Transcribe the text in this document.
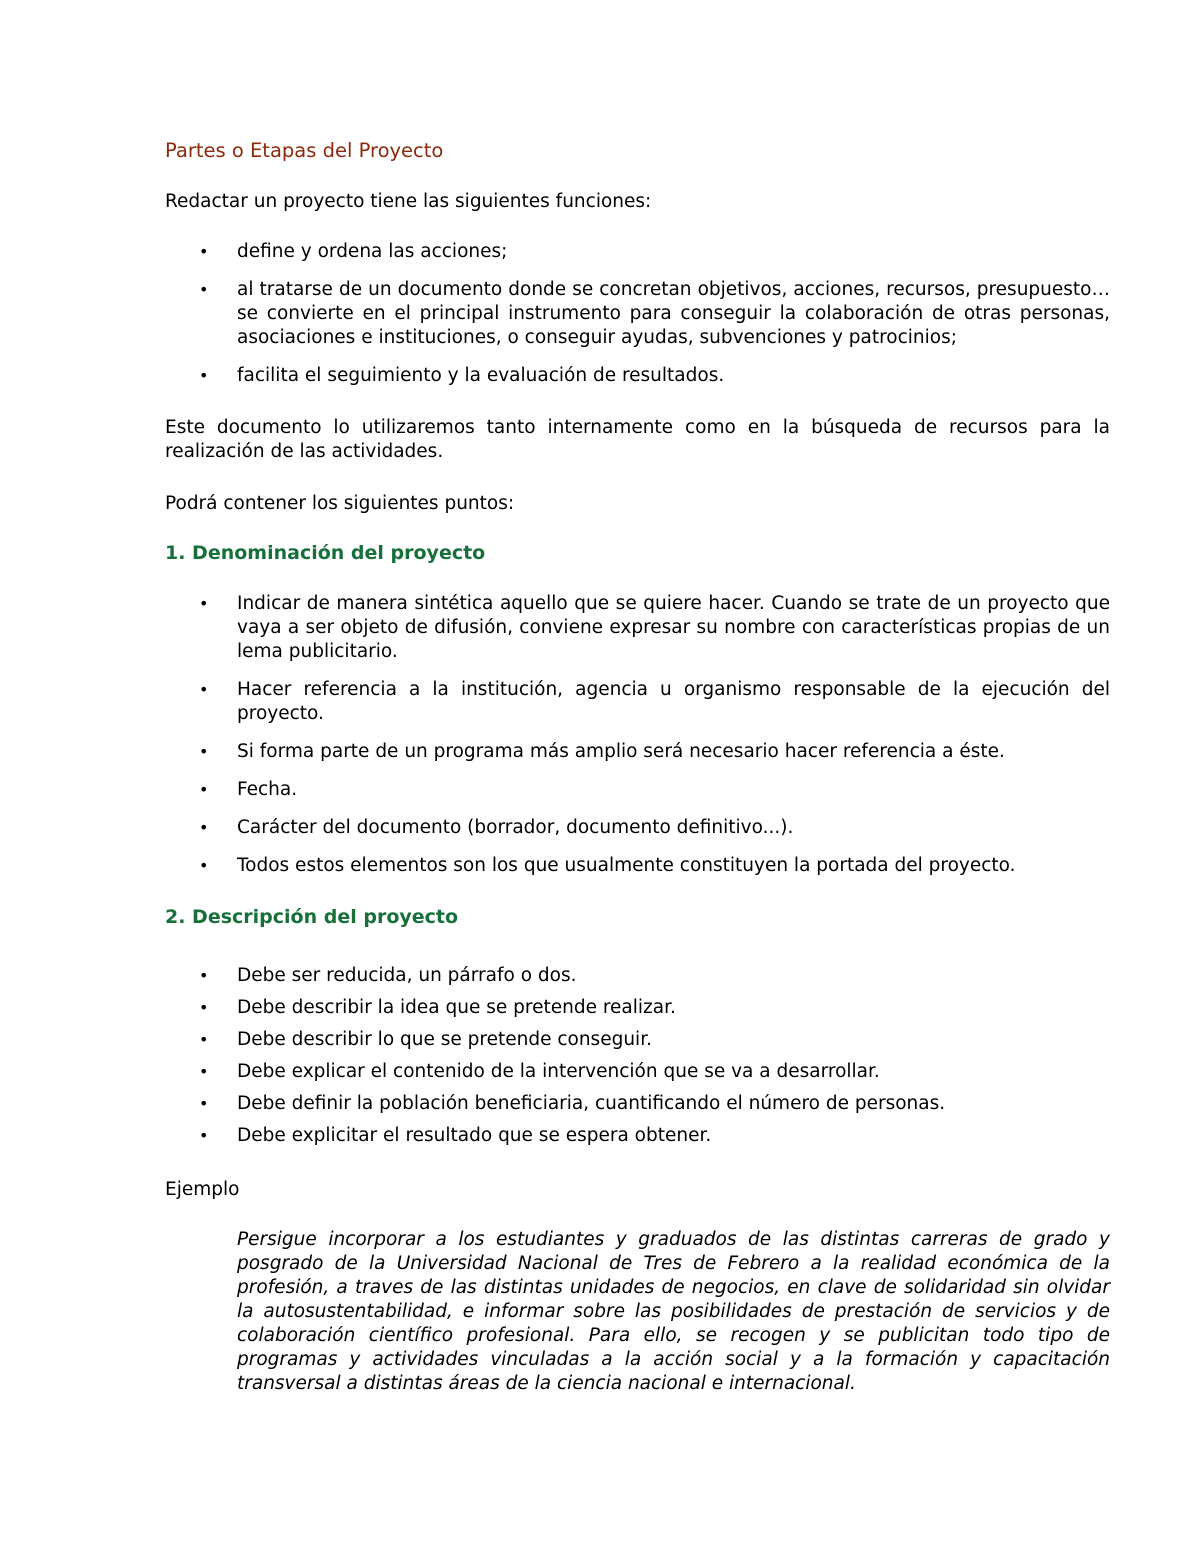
Partes o Etapas del Proyecto

Redactar un proyecto tiene las siguientes funciones:

• define y ordena las acciones;
• al tratarse de un documento donde se concretan objetivos, acciones, recursos, presupuesto… se convierte en el principal instrumento para conseguir la colaboración de otras personas, asociaciones e instituciones, o conseguir ayudas, subvenciones y patrocinios;
• facilita el seguimiento y la evaluación de resultados.

Este documento lo utilizaremos tanto internamente como en la búsqueda de recursos para la realización de las actividades.

Podrá contener los siguientes puntos:

1. Denominación del proyecto
• Indicar de manera sintética aquello que se quiere hacer. Cuando se trate de un proyecto que vaya a ser objeto de difusión, conviene expresar su nombre con características propias de un lema publicitario.
• Hacer referencia a la institución, agencia u organismo responsable de la ejecución del proyecto.
• Si forma parte de un programa más amplio será necesario hacer referencia a éste.
• Fecha.
• Carácter del documento (borrador, documento definitivo...).
• Todos estos elementos son los que usualmente constituyen la portada del proyecto.
2. Descripción del proyecto
• Debe ser reducida, un párrafo o dos.
• Debe describir la idea que se pretende realizar.
• Debe describir lo que se pretende conseguir.
• Debe explicar el contenido de la intervención que se va a desarrollar.
• Debe definir la población beneficiaria, cuantificando el número de personas.
• Debe explicitar el resultado que se espera obtener.

Ejemplo

Persigue incorporar a los estudiantes y graduados de las distintas carreras de grado y posgrado de la Universidad Nacional de Tres de Febrero a la realidad económica de la profesión, a traves de las distintas unidades de negocios, en clave de solidaridad sin olvidar la autosustentabilidad, e informar sobre las posibilidades de prestación de servicios y de colaboración científico profesional. Para ello, se recogen y se publicitan todo tipo de programas y actividades vinculadas a la acción social y a la formación y capacitación transversal a distintas áreas de la ciencia nacional e internacional.
